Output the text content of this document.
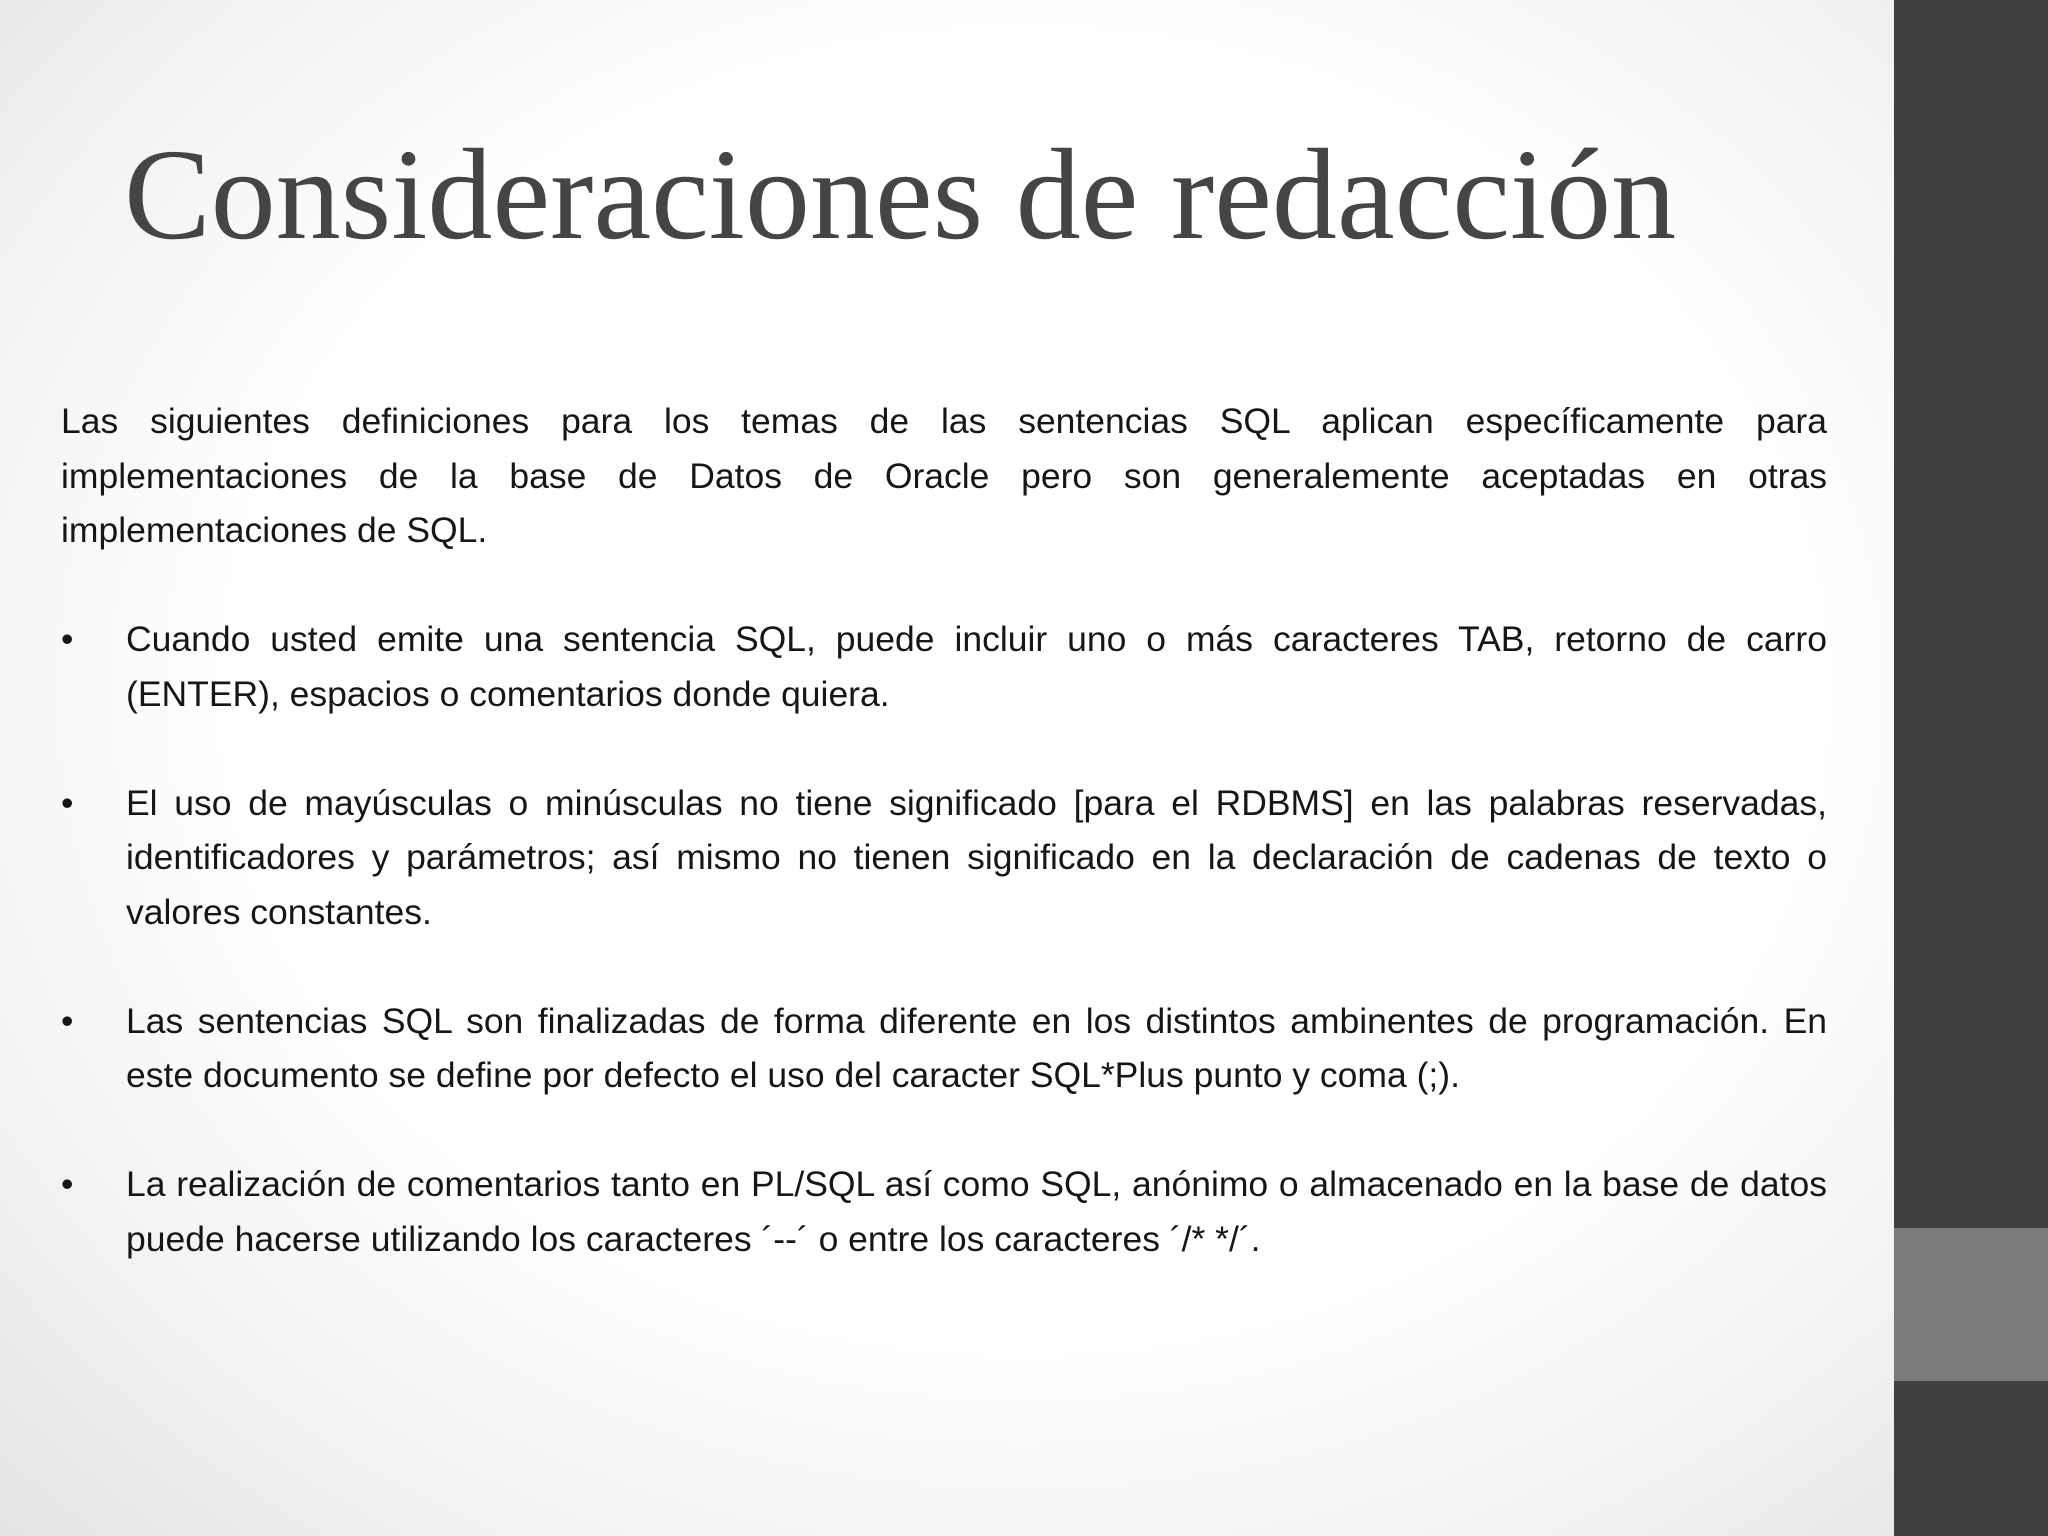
Consideraciones de redacción

Las siguientes definiciones para los temas de las sentencias SQL aplican específicamente para implementaciones de la base de Datos de Oracle pero son generalemente aceptadas en otras implementaciones de SQL.

•	Cuando usted emite una sentencia SQL, puede incluir uno o más caracteres TAB, retorno de carro (ENTER), espacios o comentarios donde quiera.
•	El uso de mayúsculas o minúsculas no tiene significado [para el RDBMS] en las palabras reservadas, identificadores y parámetros; así mismo no tienen significado en la declaración de cadenas de texto o valores constantes.
•	Las sentencias SQL son finalizadas de forma diferente en los distintos ambinentes de programación. En este documento se define por defecto el uso del caracter SQL*Plus punto y coma (;).
•	La realización de comentarios tanto en PL/SQL así como SQL, anónimo o almacenado en la base de datos puede hacerse utilizando los caracteres ´--´ o entre los caracteres ´/* */´.
